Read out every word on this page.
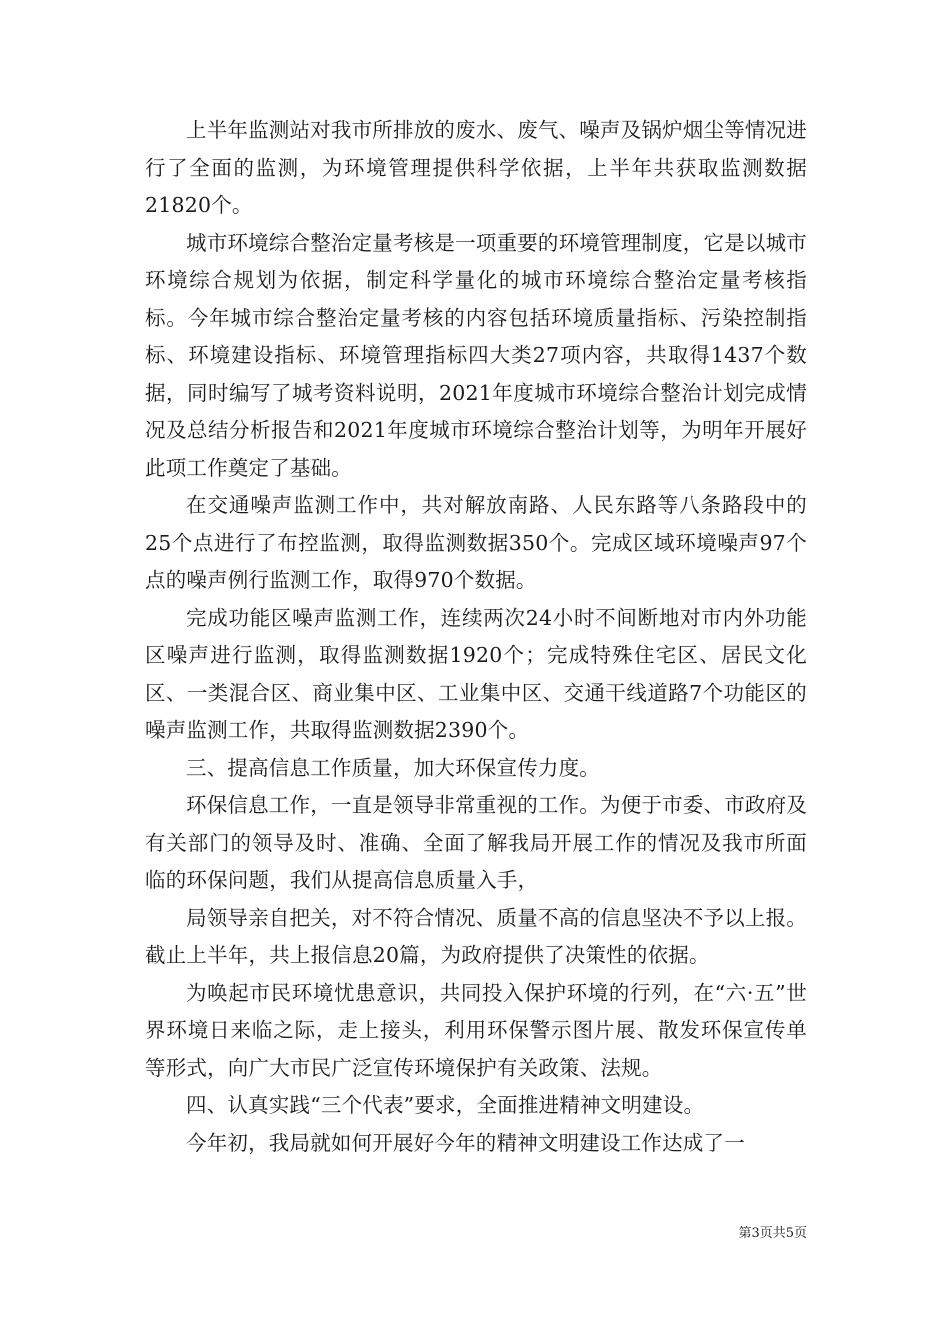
上半年监测站对我市所排放的废水、废气、噪声及锅炉烟尘等情况进行了全面的监测，为环境管理提供科学依据，上半年共获取监测数据21820个。

城市环境综合整治定量考核是一项重要的环境管理制度，它是以城市环境综合规划为依据，制定科学量化的城市环境综合整治定量考核指标。今年城市综合整治定量考核的内容包括环境质量指标、污染控制指标、环境建设指标、环境管理指标四大类27项内容，共取得1437个数据，同时编写了城考资料说明，2021年度城市环境综合整治计划完成情况及总结分析报告和2021年度城市环境综合整治计划等，为明年开展好此项工作奠定了基础。

在交通噪声监测工作中，共对解放南路、人民东路等八条路段中的25个点进行了布控监测，取得监测数据350个。完成区域环境噪声97个点的噪声例行监测工作，取得970个数据。

完成功能区噪声监测工作，连续两次24小时不间断地对市内外功能区噪声进行监测，取得监测数据1920个；完成特殊住宅区、居民文化区、一类混合区、商业集中区、工业集中区、交通干线道路7个功能区的噪声监测工作，共取得监测数据2390个。

三、提高信息工作质量，加大环保宣传力度。

环保信息工作，一直是领导非常重视的工作。为便于市委、市政府及有关部门的领导及时、准确、全面了解我局开展工作的情况及我市所面临的环保问题，我们从提高信息质量入手，

局领导亲自把关，对不符合情况、质量不高的信息坚决不予以上报。截止上半年，共上报信息20篇，为政府提供了决策性的依据。

为唤起市民环境忧患意识，共同投入保护环境的行列，在“六·五”世界环境日来临之际，走上接头，利用环保警示图片展、散发环保宣传单等形式，向广大市民广泛宣传环境保护有关政策、法规。

四、认真实践“三个代表”要求，全面推进精神文明建设。

今年初，我局就如何开展好今年的精神文明建设工作达成了一

第3页共5页
